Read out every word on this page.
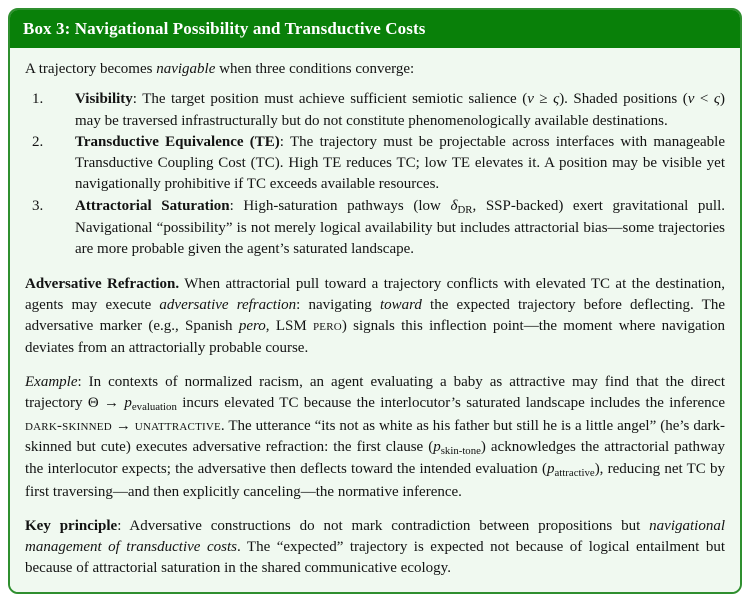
Box 3: Navigational Possibility and Transductive Costs

A trajectory becomes navigable when three conditions converge:

1.	Visibility: The target position must achieve sufficient semiotic salience (ν ≥ ς). Shaded positions (ν < ς) may be traversed infrastructurally but do not constitute phenomenologically available destinations.
2.	Transductive Equivalence (TE): The trajectory must be projectable across interfaces with manageable Transductive Coupling Cost (TC). High TE reduces TC; low TE elevates it. A position may be visible yet navigationally prohibitive if TC exceeds available resources.
3.	Attractorial Saturation: High-saturation pathways (low $\delta_{DR}$, SSP-backed) exert gravitational pull. Navigational “possibility” is not merely logical availability but includes attractorial bias—some trajectories are more probable given the agent’s saturated landscape.

Adversative Refraction. When attractorial pull toward a trajectory conflicts with elevated TC at the destination, agents may execute adversative refraction: navigating toward the expected trajectory before deflecting. The adversative marker (e.g., Spanish pero, LSM pero) signals this inflection point—the moment where navigation deviates from an attractorially probable course.

Example: In contexts of normalized racism, an agent evaluating a baby as attractive may find that the direct trajectory $\Theta \to p_{evaluation}$ incurs elevated TC because the interlocutor’s saturated landscape includes the inference dark-skinned → unattractive. The utterance “its not as white as his father but still he is a little angel” (he’s dark-skinned but cute) executes adversative refraction: the first clause $(p_{skin-tone})$ acknowledges the attractorial pathway the interlocutor expects; the adversative then deflects toward the intended evaluation $(p_{attractive})$, reducing net TC by first traversing—and then explicitly canceling—the normative inference.

Key principle: Adversative constructions do not mark contradiction between propositions but navigational management of transductive costs. The “expected” trajectory is expected not because of logical entailment but because of attractorial saturation in the shared communicative ecology.
